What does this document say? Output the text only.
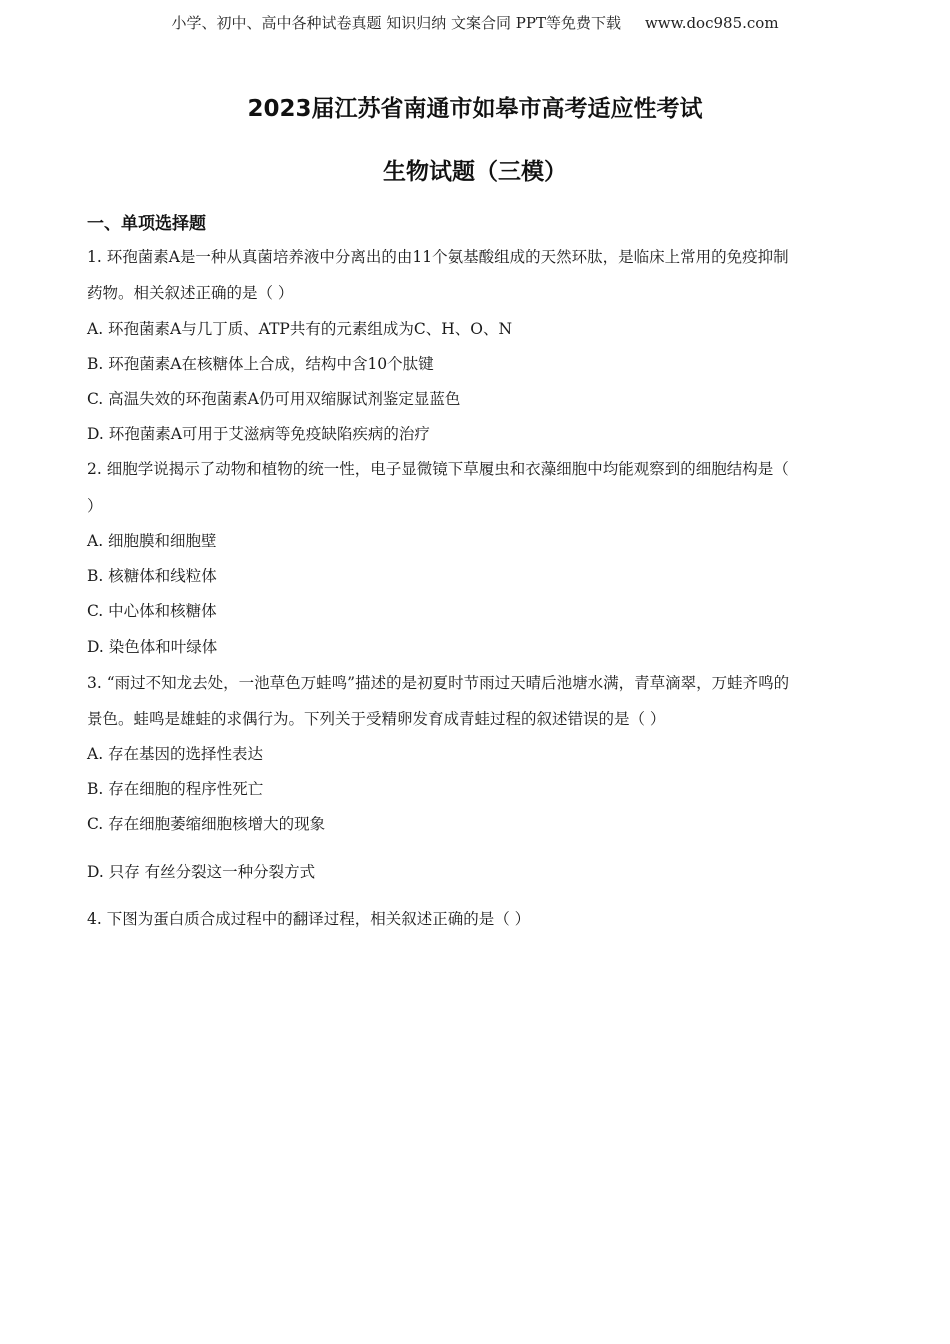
小学、初中、高中各种试卷真题 知识归纳 文案合同 PPT等免费下载 www.doc985.com
2023届江苏省南通市如皋市高考适应性考试
生物试题（三模）
一、单项选择题
1. 环孢菌素A是一种从真菌培养液中分离出的由11个氨基酸组成的天然环肽，是临床上常用的免疫抑制
药物。相关叙述正确的是（ ）
A. 环孢菌素A与几丁质、ATP共有的元素组成为C、H、O、N
B. 环孢菌素A在核糖体上合成，结构中含10个肽键
C. 高温失效的环孢菌素A仍可用双缩脲试剂鉴定显蓝色
D. 环孢菌素A可用于艾滋病等免疫缺陷疾病的治疗
2. 细胞学说揭示了动物和植物的统一性，电子显微镜下草履虫和衣藻细胞中均能观察到的细胞结构是（
）
A. 细胞膜和细胞壁
B. 核糖体和线粒体
C. 中心体和核糖体
D. 染色体和叶绿体
3. “雨过不知龙去处，一池草色万蛙鸣”描述的是初夏时节雨过天晴后池塘水满，青草滴翠，万蛙齐鸣的
景色。蛙鸣是雄蛙的求偶行为。下列关于受精卵发育成青蛙过程的叙述错误的是（ ）
A. 存在基因的选择性表达
B. 存在细胞的程序性死亡
C. 存在细胞萎缩细胞核增大的现象
D. 只存 有丝分裂这一种分裂方式
4. 下图为蛋白质合成过程中的翻译过程，相关叙述正确的是（ ）
